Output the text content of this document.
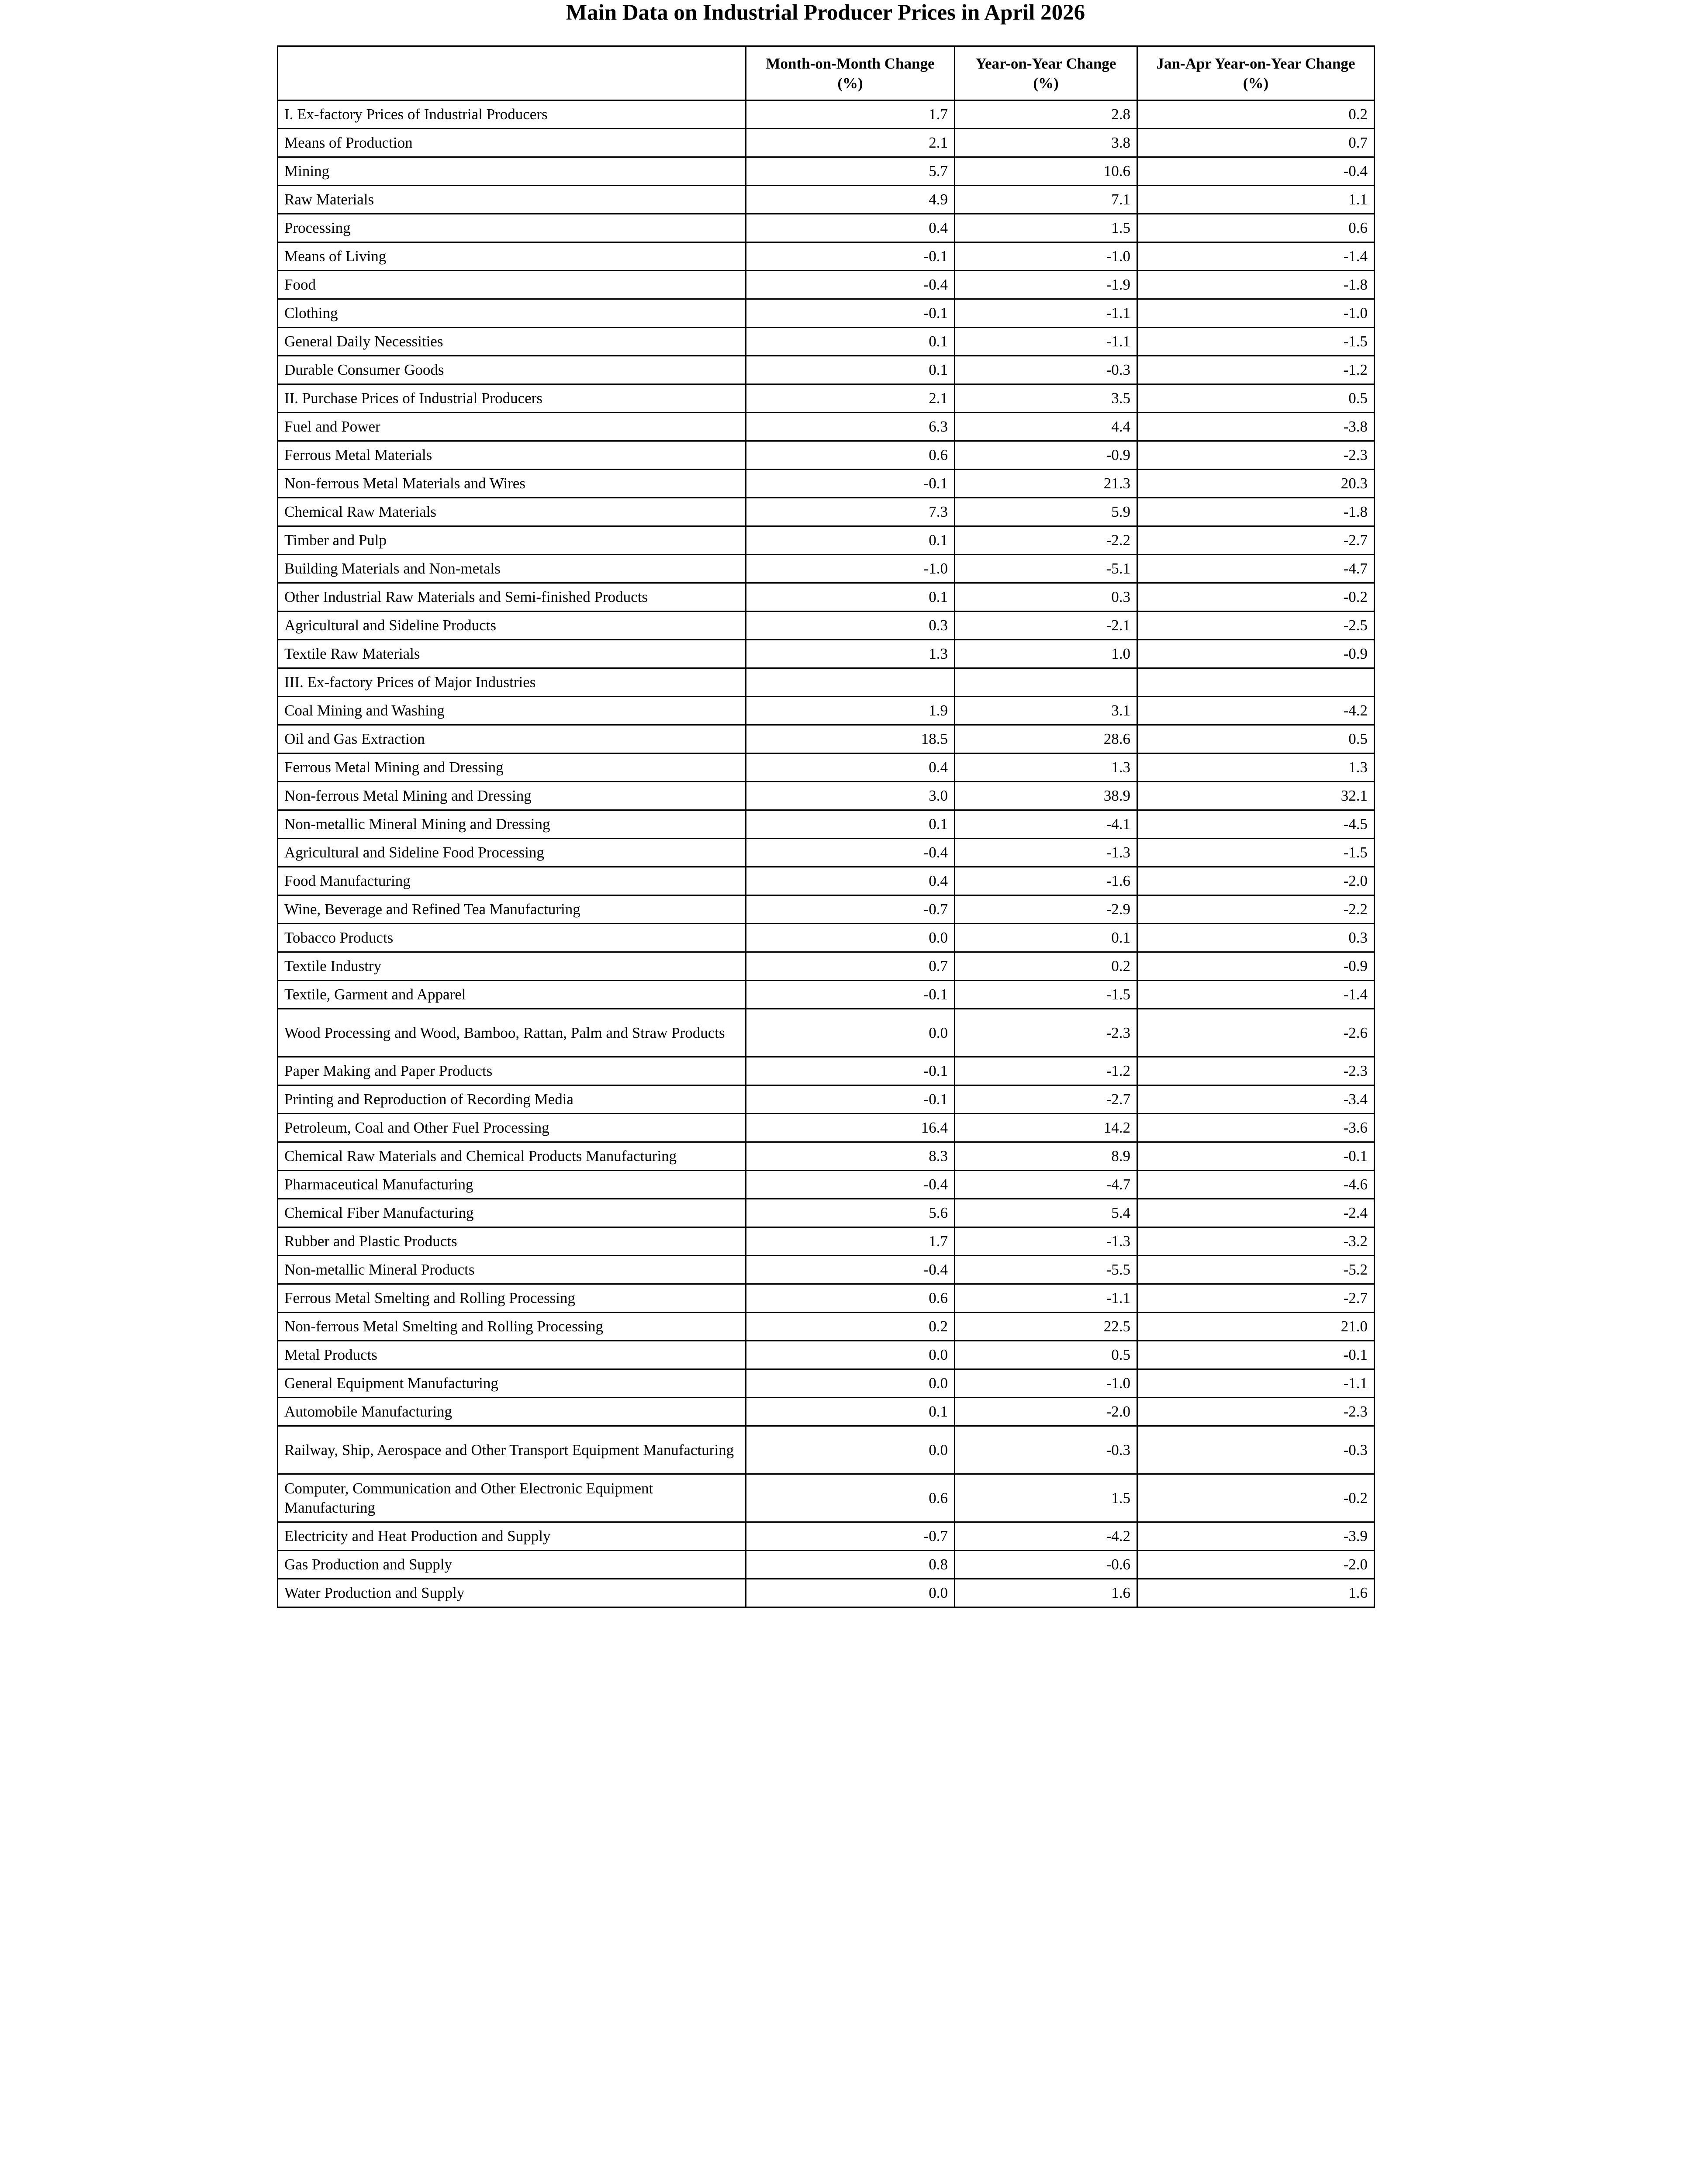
Main Data on Industrial Producer Prices in April 2026
	Month-on-Month Change (%)	Year-on-Year Change (%)	Jan-Apr Year-on-Year Change (%)
I. Ex-factory Prices of Industrial Producers	1.7	2.8	0.2
Means of Production	2.1	3.8	0.7
Mining	5.7	10.6	-0.4
Raw Materials	4.9	7.1	1.1
Processing	0.4	1.5	0.6
Means of Living	-0.1	-1.0	-1.4
Food	-0.4	-1.9	-1.8
Clothing	-0.1	-1.1	-1.0
General Daily Necessities	0.1	-1.1	-1.5
Durable Consumer Goods	0.1	-0.3	-1.2
II. Purchase Prices of Industrial Producers	2.1	3.5	0.5
Fuel and Power	6.3	4.4	-3.8
Ferrous Metal Materials	0.6	-0.9	-2.3
Non-ferrous Metal Materials and Wires	-0.1	21.3	20.3
Chemical Raw Materials	7.3	5.9	-1.8
Timber and Pulp	0.1	-2.2	-2.7
Building Materials and Non-metals	-1.0	-5.1	-4.7
Other Industrial Raw Materials and Semi-finished Products	0.1	0.3	-0.2
Agricultural and Sideline Products	0.3	-2.1	-2.5
Textile Raw Materials	1.3	1.0	-0.9
III. Ex-factory Prices of Major Industries			
Coal Mining and Washing	1.9	3.1	-4.2
Oil and Gas Extraction	18.5	28.6	0.5
Ferrous Metal Mining and Dressing	0.4	1.3	1.3
Non-ferrous Metal Mining and Dressing	3.0	38.9	32.1
Non-metallic Mineral Mining and Dressing	0.1	-4.1	-4.5
Agricultural and Sideline Food Processing	-0.4	-1.3	-1.5
Food Manufacturing	0.4	-1.6	-2.0
Wine, Beverage and Refined Tea Manufacturing	-0.7	-2.9	-2.2
Tobacco Products	0.0	0.1	0.3
Textile Industry	0.7	0.2	-0.9
Textile, Garment and Apparel	-0.1	-1.5	-1.4
Wood Processing and Wood, Bamboo, Rattan, Palm and Straw Products	0.0	-2.3	-2.6
Paper Making and Paper Products	-0.1	-1.2	-2.3
Printing and Reproduction of Recording Media	-0.1	-2.7	-3.4
Petroleum, Coal and Other Fuel Processing	16.4	14.2	-3.6
Chemical Raw Materials and Chemical Products Manufacturing	8.3	8.9	-0.1
Pharmaceutical Manufacturing	-0.4	-4.7	-4.6
Chemical Fiber Manufacturing	5.6	5.4	-2.4
Rubber and Plastic Products	1.7	-1.3	-3.2
Non-metallic Mineral Products	-0.4	-5.5	-5.2
Ferrous Metal Smelting and Rolling Processing	0.6	-1.1	-2.7
Non-ferrous Metal Smelting and Rolling Processing	0.2	22.5	21.0
Metal Products	0.0	0.5	-0.1
General Equipment Manufacturing	0.0	-1.0	-1.1
Automobile Manufacturing	0.1	-2.0	-2.3
Railway, Ship, Aerospace and Other Transport Equipment Manufacturing	0.0	-0.3	-0.3
Computer, Communication and Other Electronic Equipment Manufacturing	0.6	1.5	-0.2
Electricity and Heat Production and Supply	-0.7	-4.2	-3.9
Gas Production and Supply	0.8	-0.6	-2.0
Water Production and Supply	0.0	1.6	1.6
